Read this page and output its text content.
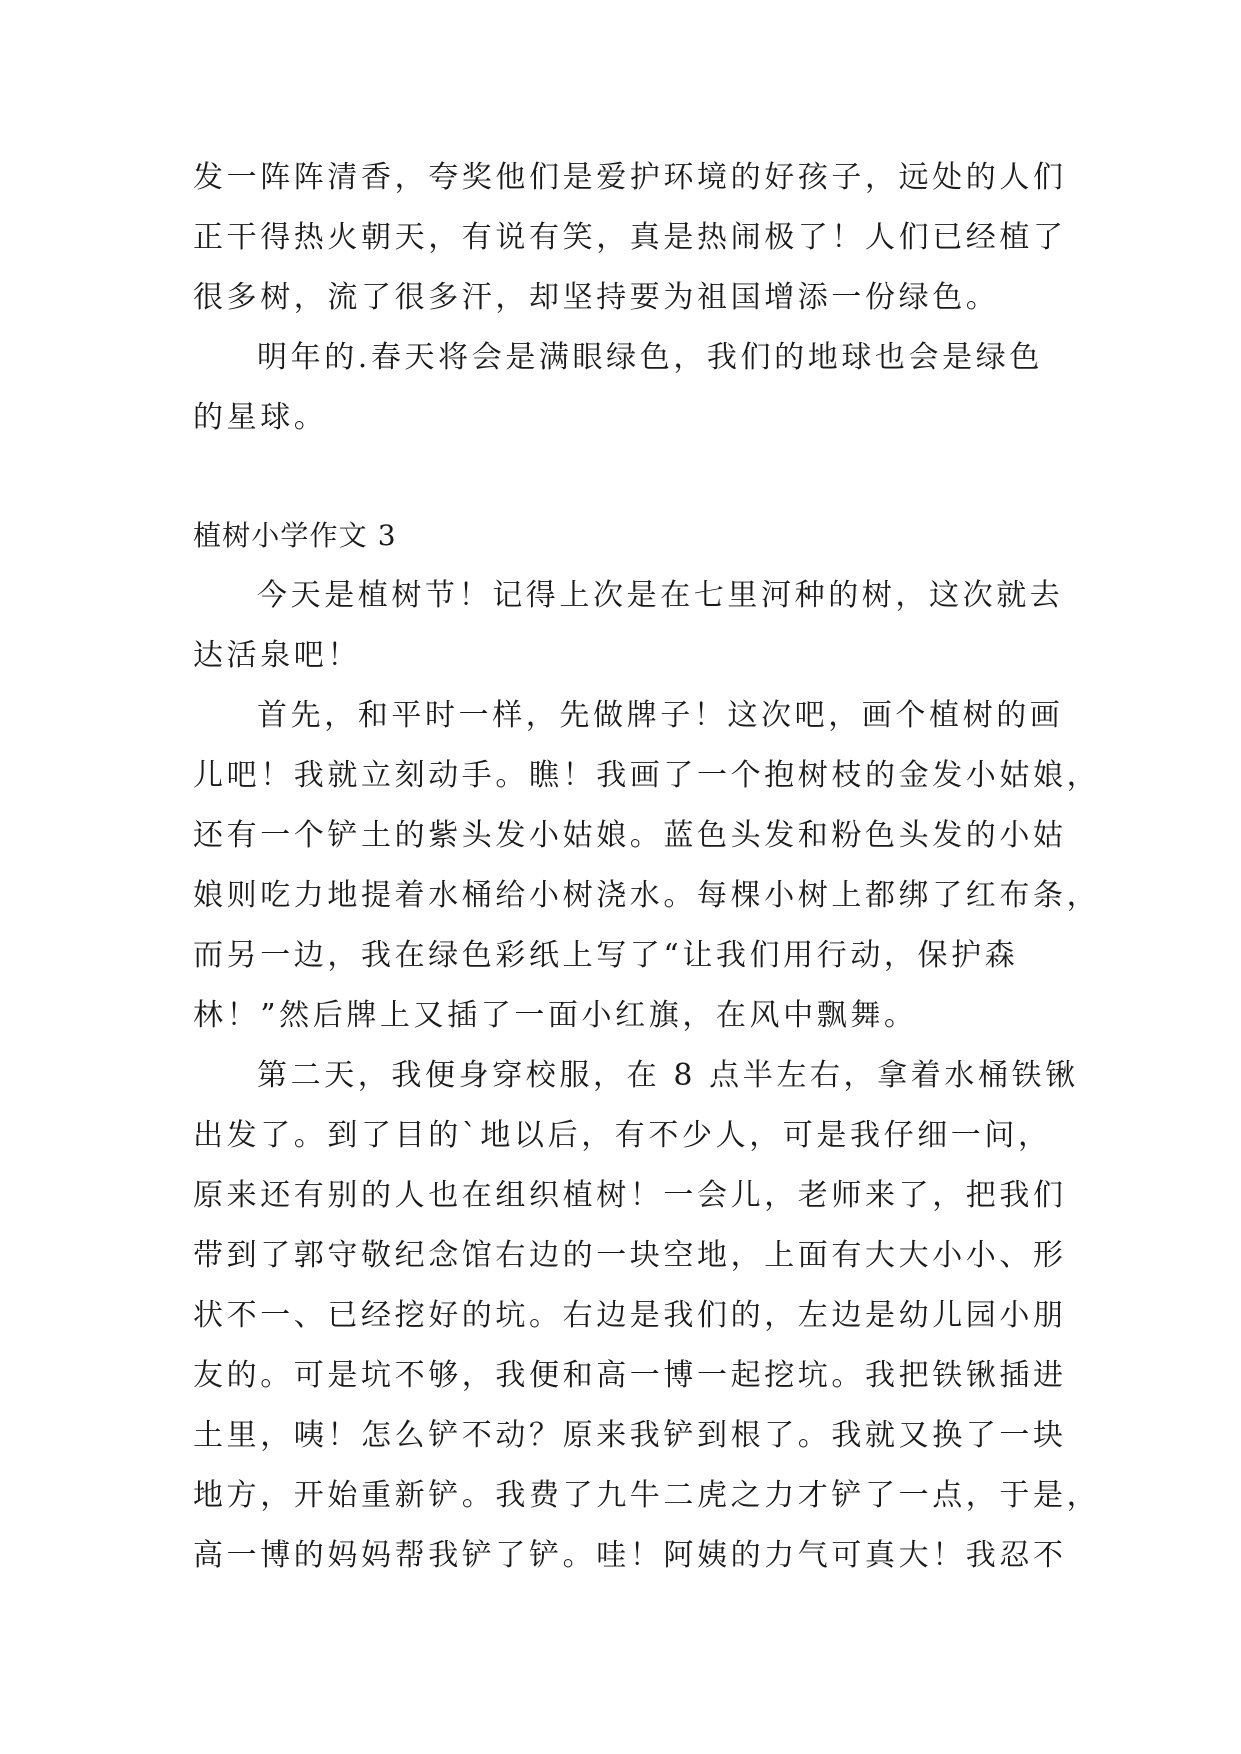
发一阵阵清香，夸奖他们是爱护环境的好孩子，远处的人们
正干得热火朝天，有说有笑，真是热闹极了！人们已经植了
很多树，流了很多汗，却坚持要为祖国增添一份绿色。
明年的.春天将会是满眼绿色，我们的地球也会是绿色
的星球。
植树小学作文 3
今天是植树节！记得上次是在七里河种的树，这次就去
达活泉吧！
首先，和平时一样，先做牌子！这次吧，画个植树的画
儿吧！我就立刻动手。瞧！我画了一个抱树枝的金发小姑娘，
还有一个铲土的紫头发小姑娘。蓝色头发和粉色头发的小姑
娘则吃力地提着水桶给小树浇水。每棵小树上都绑了红布条，
而另一边，我在绿色彩纸上写了“让我们用行动，保护森
林！”然后牌上又插了一面小红旗，在风中飘舞。
第二天，我便身穿校服，在 8 点半左右，拿着水桶铁锹
出发了。到了目的`地以后，有不少人，可是我仔细一问，
原来还有别的人也在组织植树！一会儿，老师来了，把我们
带到了郭守敬纪念馆右边的一块空地，上面有大大小小、形
状不一、已经挖好的坑。右边是我们的，左边是幼儿园小朋
友的。可是坑不够，我便和高一博一起挖坑。我把铁锹插进
土里，咦！怎么铲不动？原来我铲到根了。我就又换了一块
地方，开始重新铲。我费了九牛二虎之力才铲了一点，于是，
高一博的妈妈帮我铲了铲。哇！阿姨的力气可真大！我忍不
